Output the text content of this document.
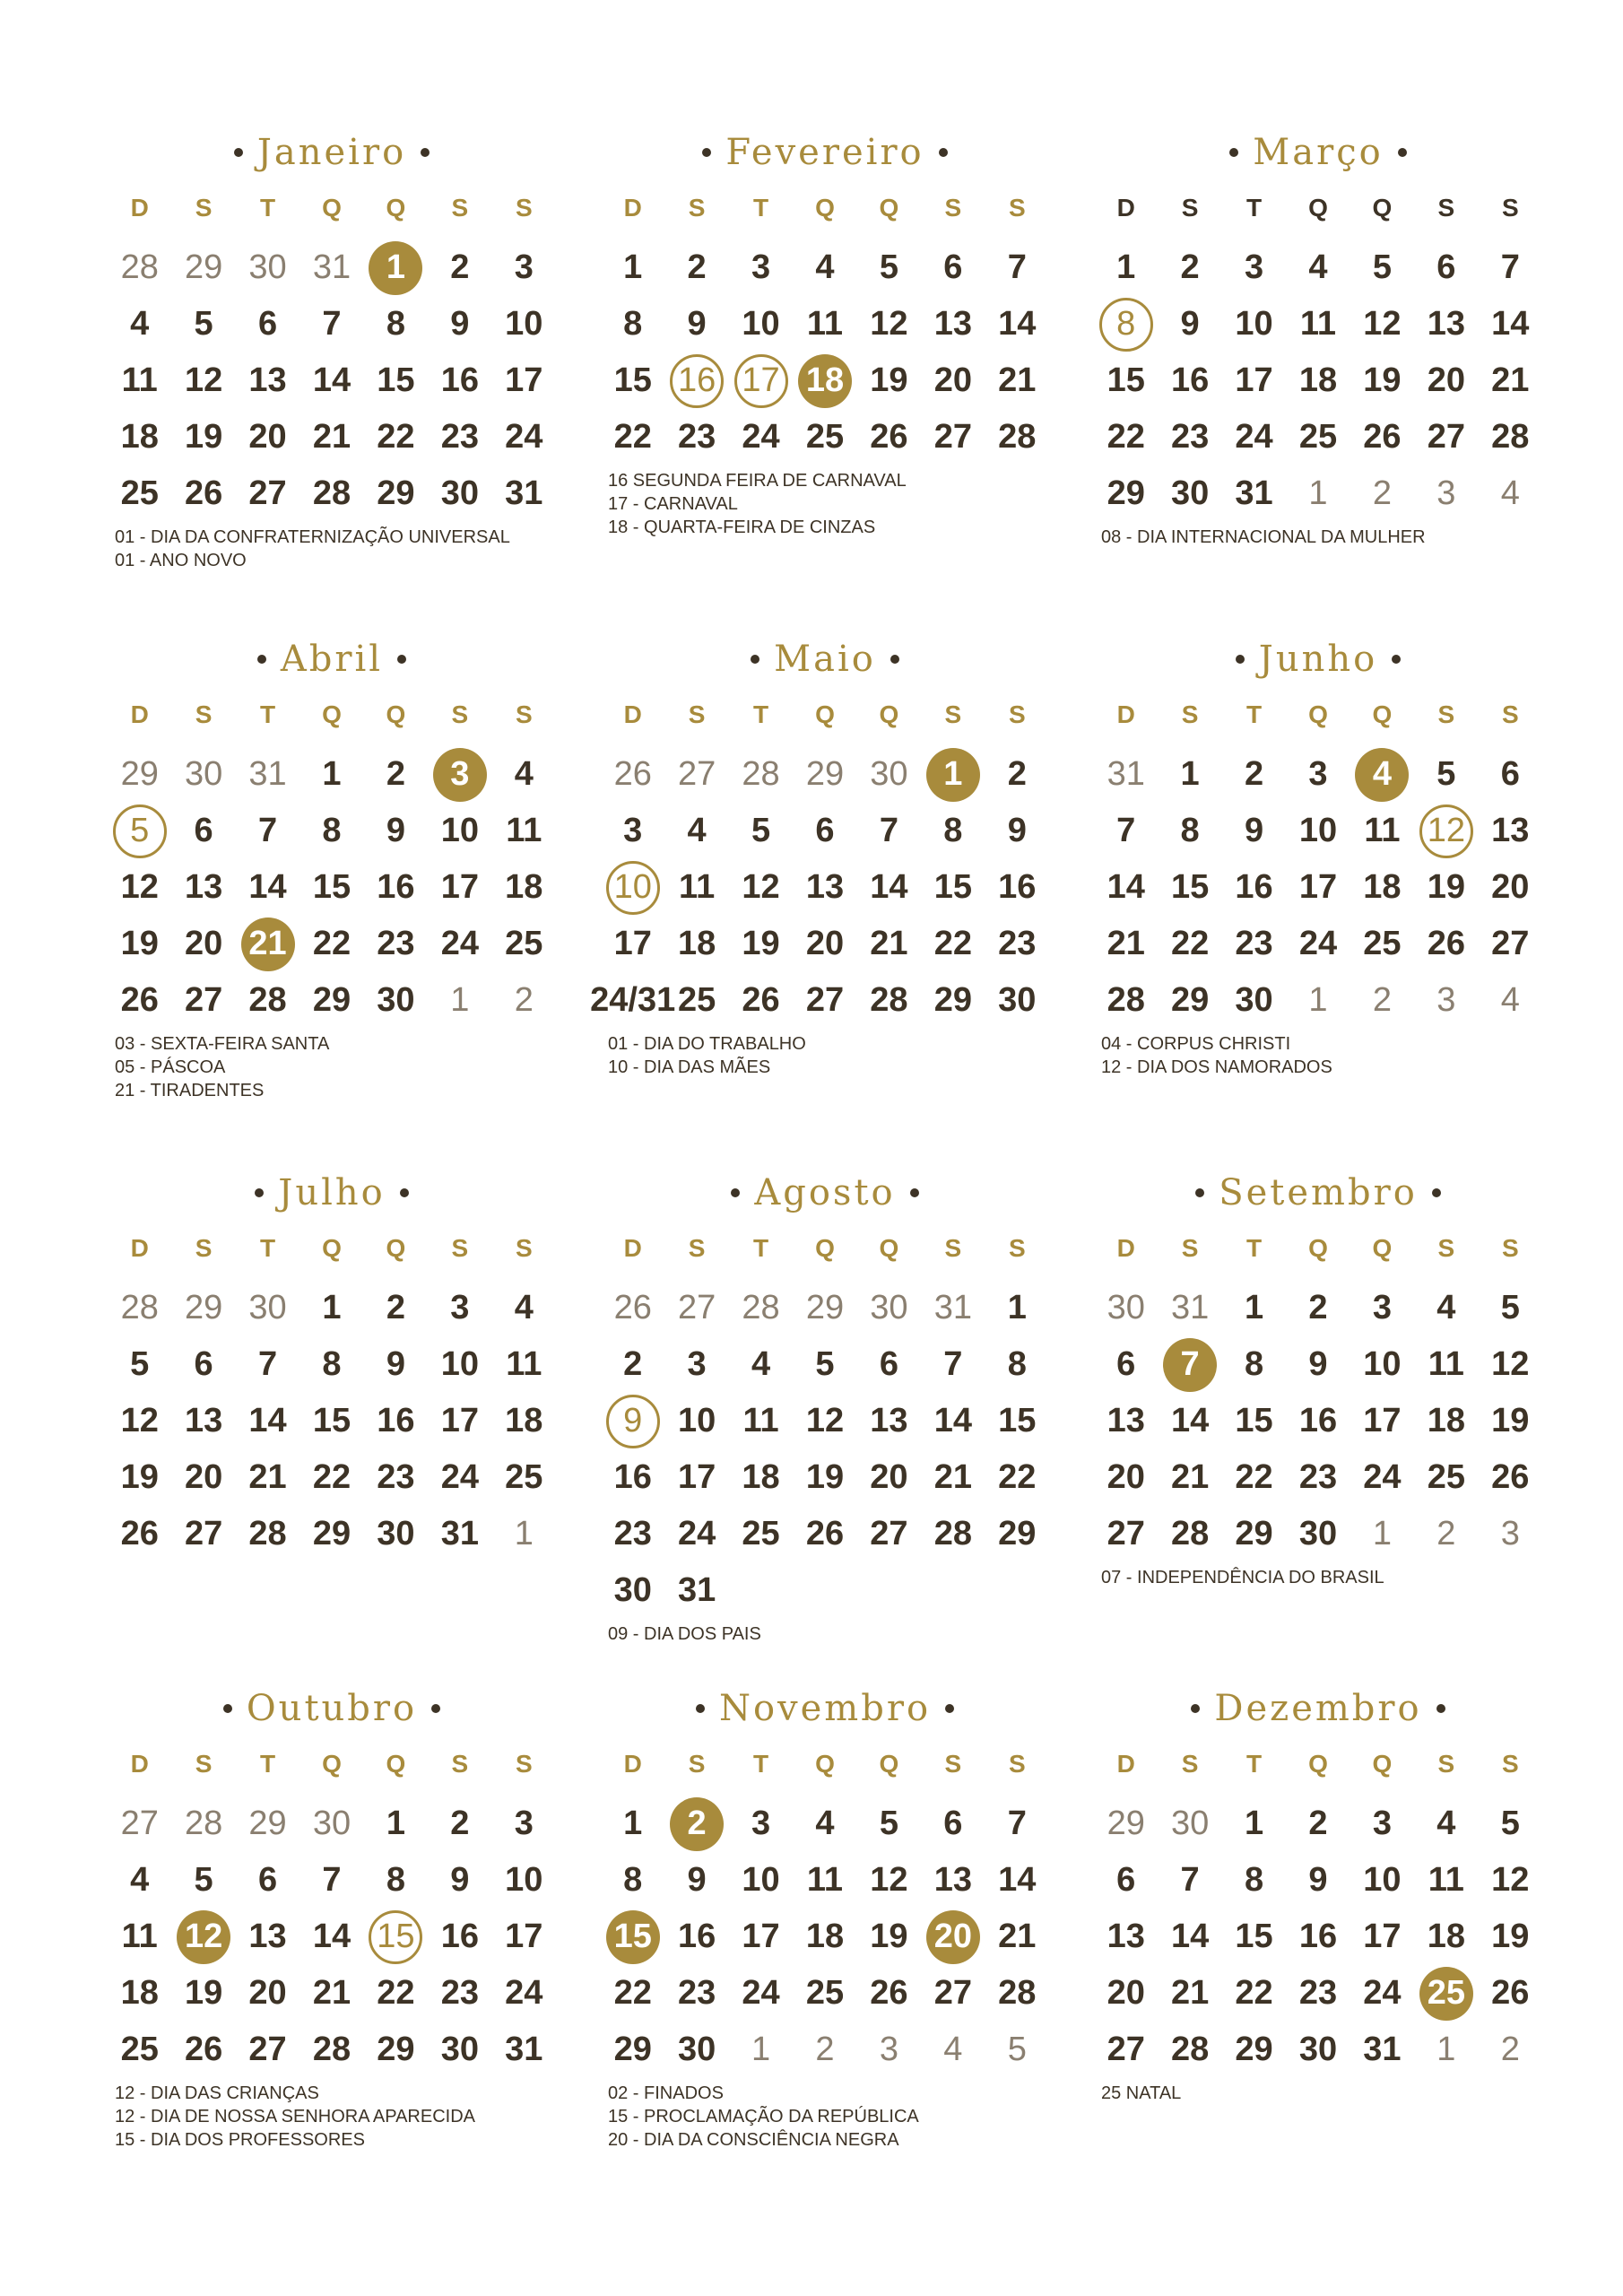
Janeiro
D	S	T	Q	Q	S	S
28 29 30 31	1	2	3
4	5	6	7	8	9	10
11 12 13 14 15 16 17
18 19 20 21 22 23 24
25 26 27 28 29 30 31
01 - DIA DA CONFRATERNIZAÇÃO UNIVERSAL
01 - ANO NOVO
Fevereiro
D	S	T	Q	Q	S	S
1	2	3	4	5	6	7
8	9	10 11 12 13 14
15 16 17 18 19 20 21
22 23 24 25 26 27 28
16 SEGUNDA FEIRA DE CARNAVAL
17 - CARNAVAL
18 - QUARTA-FEIRA DE CINZAS
Março
D	S	T	Q	Q	S	S
1	2	3	4	5	6	7
8	9	10 11 12 13 14
15 16 17 18 19 20 21
22 23 24 25 26 27 28
29 30 31	1	2	3	4
08 - DIA INTERNACIONAL DA MULHER
Abril
D	S	T	Q	Q	S	S
29 30 31	1	2	3	4
5	6	7	8	9	10 11
12 13 14 15 16 17 18
19 20 21 22 23 24 25
26 27 28 29 30	1	2
03 - SEXTA-FEIRA SANTA
05 - PÁSCOA
21 - TIRADENTES
Maio
D	S	T	Q	Q	S	S
26 27 28 29 30	1	2
3	4	5	6	7	8	9
10 11 12 13 14 15 16
17 18 19 20 21 22 23
24/31 25 26 27 28 29 30
01 - DIA DO TRABALHO
10 - DIA DAS MÃES
Junho
D	S	T	Q	Q	S	S
31	1	2	3	4	5	6
7	8	9	10 11 12 13
14 15 16 17 18 19 20
21 22 23 24 25 26 27
28 29 30	1	2	3	4
04 - CORPUS CHRISTI
12 - DIA DOS NAMORADOS
Julho
D	S	T	Q	Q	S	S
28 29 30	1	2	3	4
5	6	7	8	9	10 11
12 13 14 15 16 17 18
19 20 21 22 23 24 25
26 27 28 29 30 31	1
Agosto
D	S	T	Q	Q	S	S
26 27 28 29 30 31	1
2	3	4	5	6	7	8
9	10 11 12 13 14 15
16 17 18 19 20 21 22
23 24 25 26 27 28 29
30 31
09 - DIA DOS PAIS
Setembro
D	S	T	Q	Q	S	S
30 31	1	2	3	4	5
6	7	8	9	10 11 12
13 14 15 16 17 18 19
20 21 22 23 24 25 26
27 28 29 30	1	2	3
07 - INDEPENDÊNCIA DO BRASIL
Outubro
D	S	T	Q	Q	S	S
27 28 29 30	1	2	3
4	5	6	7	8	9	10
11 12 13 14 15 16 17
18 19 20 21 22 23 24
25 26 27 28 29 30 31
12 - DIA DAS CRIANÇAS
12 - DIA DE NOSSA SENHORA APARECIDA
15 - DIA DOS PROFESSORES
Novembro
D	S	T	Q	Q	S	S
1	2	3	4	5	6	7
8	9	10 11 12 13 14
15 16 17 18 19 20 21
22 23 24 25 26 27 28
29 30	1	2	3	4	5
02 - FINADOS
15 - PROCLAMAÇÃO DA REPÚBLICA
20 - DIA DA CONSCIÊNCIA NEGRA
Dezembro
D	S	T	Q	Q	S	S
29 30	1	2	3	4	5
6	7	8	9	10 11 12
13 14 15 16 17 18 19
20 21 22 23 24 25 26
27 28 29 30 31	1	2
25 NATAL
